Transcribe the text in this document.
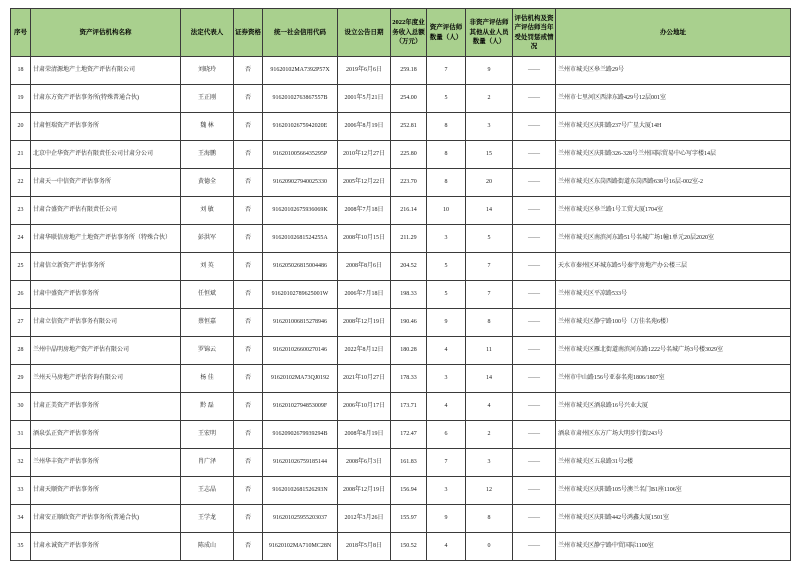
序号	资产评估机构名称	法定代表人	证券资格	统一社会信用代码	设立公告日期	2022年度业务收入总额（万元）	资产评估师数量（人）	非资产评估师其他从业人员数量（人）	评估机构及资产评估师当年受处罚惩戒情况	办公地址
18	甘肃荣清源地产土地资产评估有限公司	刘晓玲	否	91620102MA7392P57X	2019年6月6日	259.18	7	9	——	兰州市城关区皋兰路29号
19	甘肃东方资产评估事务所(特殊普通合伙)	王正刚	否	91620102763867557B	2001年5月21日	254.00	5	2	——	兰州市七里河区西津东路429号12层001室
20	甘肃恒瑞资产评估事务所	魏 林	否	91620102675942020E	2006年8月19日	252.81	8	3	——	兰州市城关区庆阳路237号广星大厦14H
21	北京中企华资产评估有限责任公司甘肃分公司	王海鹏	否	91620100566435295P	2010年12月27日	225.80	8	15	——	兰州市城关区庆阳路326-328号兰州国际贸易中心写字楼14层
22	甘肃天一中信资产评估事务所	黄德全	否	916209027940025330	2005年12月22日	223.70	8	20	——	兰州市城关区东岗西路街道东岗西路638号16层-002室-2
23	甘肃合盛资产评估有限责任公司	刘 敏	否	91620102675936069K	2008年7月18日	216.14	10	14	——	兰州市城关区皋兰路1号工贸大厦1704室
24	甘肃华联信房地产土地资产评估事务所（特殊合伙）	彭洪军	否	91620102681524255A	2008年10月15日	211.29	3	5	——	兰州市城关区南滨河东路51号名城广场1幢1单元20层2020室
25	甘肃信立新资产评估事务所	刘 英	否	916205026815004486	2008年8月6日	204.52	5	7	——	天水市秦州区环城东路5号秦宇房地产办公楼三层
26	甘肃中盛资产评估事务所	任恒斌	否	91620102789625001W	2006年7月18日	198.33	5	7	——	兰州市城关区平凉路533号
27	甘肃立信资产评估事务有限公司	蔡恒嘉	否	916201006815278946	2008年12月19日	190.46	9	8	——	兰州市城关区静宁路100号（万佳名苑6楼）
28	兰州中晶明房地产资产评估有限公司	罗锦云	否	916201026600270146	2022年8月12日	180.28	4	11	——	兰州市城关区雁北街道南滨河东路1222号名城广场3号楼3029室
29	兰州天马房地产评估咨询有限公司	杨 佳	否	91620102MA73QJ0192	2021年10月27日	178.33	3	14	——	兰州市中山路156号亚泰名苑1806/1807室
30	甘肃正美资产评估事务所	黔 磊	否	91620102794853009F	2006年10月17日	173.71	4	4	——	兰州市城关区酒泉路16号兴业大厦
31	酒泉弘正资产评估事务所	王宏明	否	91620902679939294B	2008年8月19日	172.47	6	2	——	酒泉市肃州区东方广场大明步行街243号
32	兰州华丰资产评估事务所	肖广泽	否	916201026759185144	2008年6月3日	161.83	7	3	——	兰州市城关区五泉路31号2楼
33	甘肃天顺资产评估事务所	王志晶	否	91620102681526293N	2008年12月19日	156.94	3	12	——	兰州市城关区庆阳路105号澳兰名门B1座1106室
34	甘肃安正顺政资产评估事务所(普通合伙)	王学龙	否	916201025955203037	2012年3月26日	155.97	9	8	——	兰州市城关区庆阳路442号鸿鑫大厦1501室
35	甘肃永诚资产评估事务所	陈成山	否	91620102MA710MC28N	2018年5月8日	150.52	4	0	——	兰州市城关区静宁路中贸国际1100室
